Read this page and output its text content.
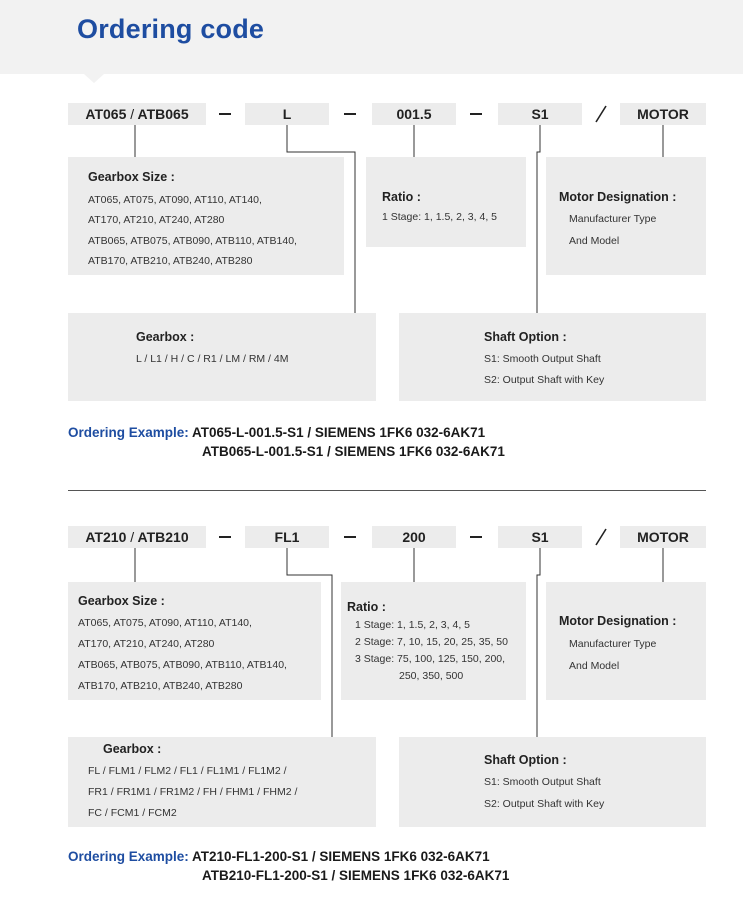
Ordering code
AT065 / ATB065	L	001.5	S1	MOTOR
Gearbox Size :
AT065, AT075, AT090, AT110, AT140,
AT170, AT210, AT240, AT280
ATB065, ATB075, ATB090, ATB110, ATB140,
ATB170, ATB210, ATB240, ATB280
Ratio :
1 Stage: 1, 1.5, 2, 3, 4, 5
Motor Designation :
Manufacturer Type
And Model
Gearbox :
L / L1 / H / C / R1 / LM / RM / 4M
Shaft Option :
S1: Smooth Output Shaft
S2: Output Shaft with Key
Ordering Example: AT065-L-001.5-S1 / SIEMENS 1FK6 032-6AK71
ATB065-L-001.5-S1 / SIEMENS 1FK6 032-6AK71
AT210 / ATB210	FL1	200	S1	MOTOR
Gearbox Size :
AT065, AT075, AT090, AT110, AT140,
AT170, AT210, AT240, AT280
ATB065, ATB075, ATB090, ATB110, ATB140,
ATB170, ATB210, ATB240, ATB280
Ratio :
1 Stage: 1, 1.5, 2, 3, 4, 5
2 Stage: 7, 10, 15, 20, 25, 35, 50
3 Stage: 75, 100, 125, 150, 200,
250, 350, 500
Motor Designation :
Manufacturer Type
And Model
Gearbox :
FL / FLM1 / FLM2 / FL1 / FL1M1 / FL1M2 /
FR1 / FR1M1 / FR1M2 / FH / FHM1 / FHM2 /
FC / FCM1 / FCM2
Shaft Option :
S1: Smooth Output Shaft
S2: Output Shaft with Key
Ordering Example: AT210-FL1-200-S1 / SIEMENS 1FK6 032-6AK71
ATB210-FL1-200-S1 / SIEMENS 1FK6 032-6AK71
